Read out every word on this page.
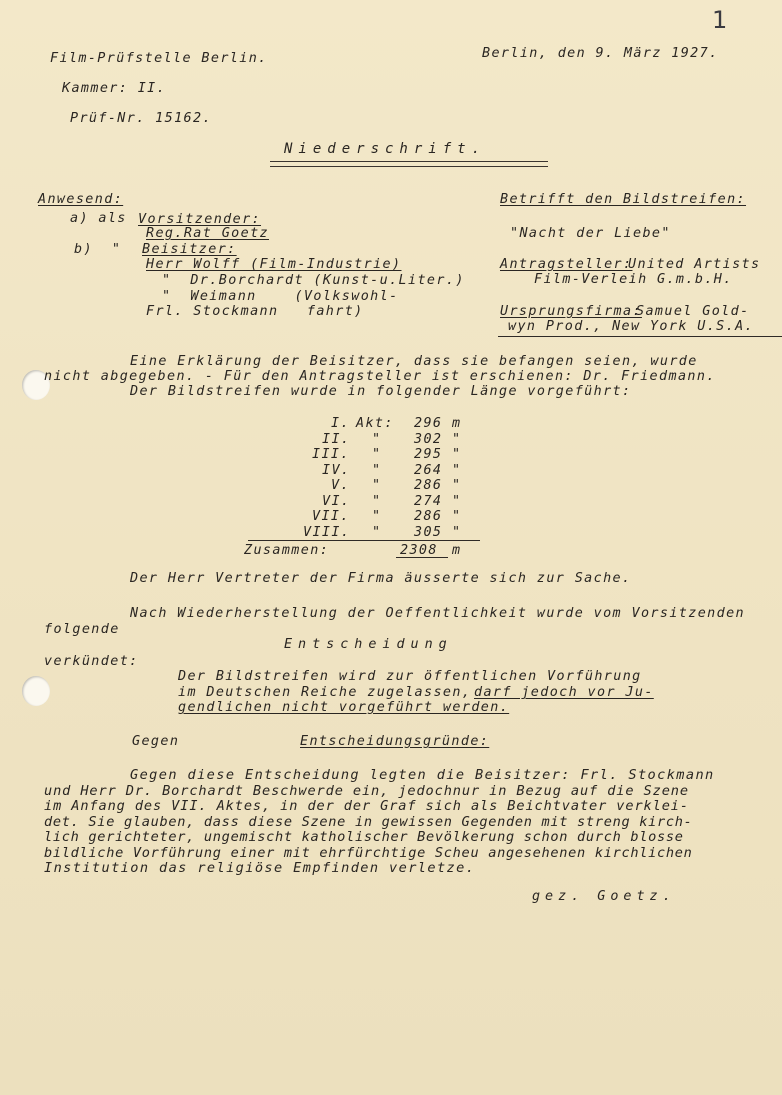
1
Film-Prüfstelle Berlin.	Berlin, den 9. März 1927.
Kammer: II.
Prüf-Nr. 15162.
Niederschrift.
Anwesend:
a) als Vorsitzender:
Reg.Rat Goetz
b)  " Beisitzer:
Herr Wolff (Film-Industrie)
"  Dr.Borchardt (Kunst-u.Liter.)
"  Weimann    (Volkswohl-
Frl. Stockmann   fahrt)
Betrifft den Bildstreifen:
"Nacht der Liebe"
Antragsteller:
United Artists
Film-Verleih G.m.b.H.
Ursprungsfirma:
Samuel Gold-
wyn Prod., New York U.S.A.
Eine Erklärung der Beisitzer, dass sie befangen seien, wurde
nicht abgegeben. - Für den Antragsteller ist erschienen: Dr. Friedmann.
Der Bildstreifen wurde in folgender Länge vorgeführt:
I. Akt: 296 m
II. " 302 "
III. " 295 "
IV. " 264 "
V. " 286 "
VI. " 274 "
VII. " 286 "
VIII. " 305 "
Zusammen:	2308 m
Der Herr Vertreter der Firma äusserte sich zur Sache.
Nach Wiederherstellung der Oeffentlichkeit wurde vom Vorsitzenden
folgende
Entscheidung
verkündet:
Der Bildstreifen wird zur öffentlichen Vorführung
im Deutschen Reiche zugelassen, darf jedoch vor Ju-
gendlichen nicht vorgeführt werden.
Gegen	Entscheidungsgründe:
Gegen diese Entscheidung legten die Beisitzer: Frl. Stockmann
und Herr Dr. Borchardt Beschwerde ein, jedochnur in Bezug auf die Szene
im Anfang des VII. Aktes, in der der Graf sich als Beichtvater verklei-
det. Sie glauben, dass diese Szene in gewissen Gegenden mit streng kirch-
lich gerichteter, ungemischt katholischer Bevölkerung schon durch blosse
bildliche Vorführung einer mit ehrfürchtige Scheu angesehenen kirchlichen
Institution das religiöse Empfinden verletze.
gez. Goetz.
